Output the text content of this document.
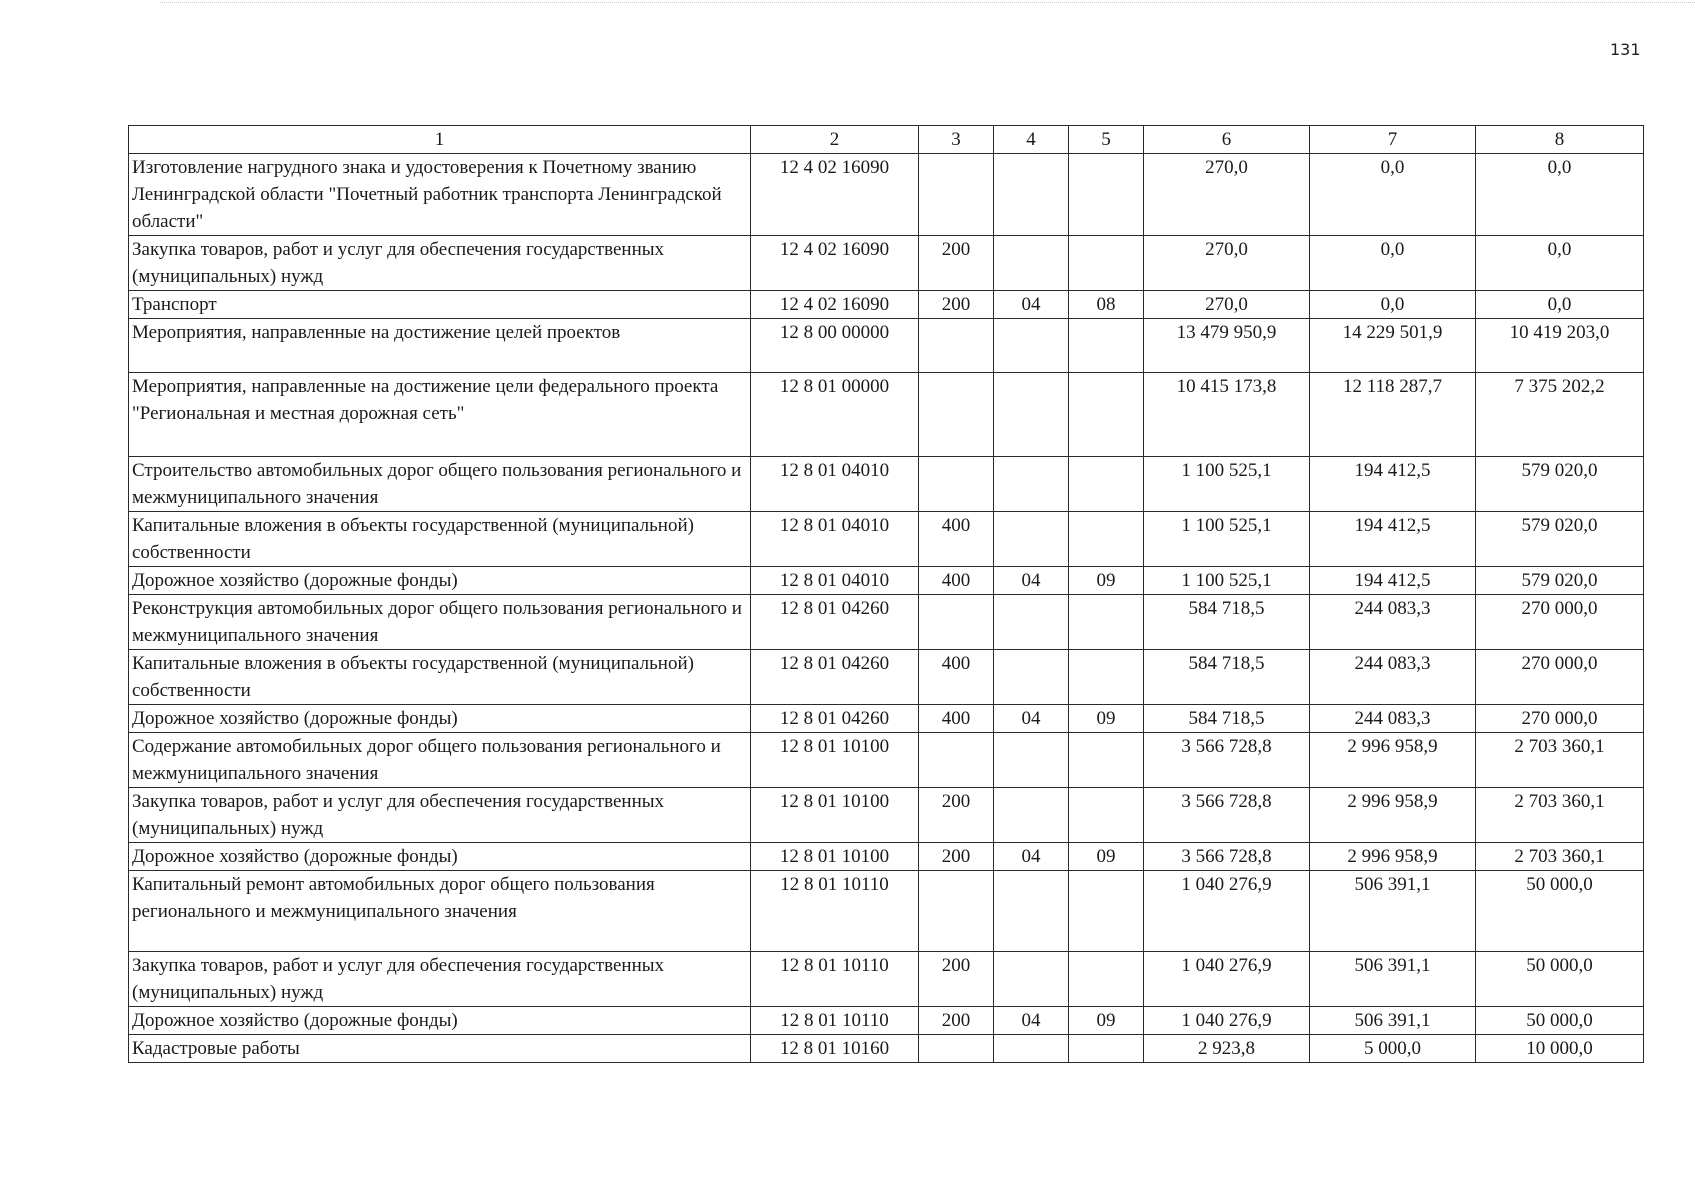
131
1	2	3	4	5	6	7	8
Изготовление нагрудного знака и удостоверения к Почетному званию Ленинградской области "Почетный работник транспорта Ленинградской области"	12 4 02 16090				270,0	0,0	0,0
Закупка товаров, работ и услуг для обеспечения государственных (муниципальных) нужд	12 4 02 16090	200			270,0	0,0	0,0
Транспорт	12 4 02 16090	200	04	08	270,0	0,0	0,0
Мероприятия, направленные на достижение целей проектов	12 8 00 00000				13 479 950,9	14 229 501,9	10 419 203,0
Мероприятия, направленные на достижение цели федерального проекта "Региональная и местная дорожная сеть"	12 8 01 00000				10 415 173,8	12 118 287,7	7 375 202,2
Строительство автомобильных дорог общего пользования регионального и межмуниципального значения	12 8 01 04010				1 100 525,1	194 412,5	579 020,0
Капитальные вложения в объекты государственной (муниципальной) собственности	12 8 01 04010	400			1 100 525,1	194 412,5	579 020,0
Дорожное хозяйство (дорожные фонды)	12 8 01 04010	400	04	09	1 100 525,1	194 412,5	579 020,0
Реконструкция автомобильных дорог общего пользования регионального и межмуниципального значения	12 8 01 04260				584 718,5	244 083,3	270 000,0
Капитальные вложения в объекты государственной (муниципальной) собственности	12 8 01 04260	400			584 718,5	244 083,3	270 000,0
Дорожное хозяйство (дорожные фонды)	12 8 01 04260	400	04	09	584 718,5	244 083,3	270 000,0
Содержание автомобильных дорог общего пользования регионального и межмуниципального значения	12 8 01 10100				3 566 728,8	2 996 958,9	2 703 360,1
Закупка товаров, работ и услуг для обеспечения государственных (муниципальных) нужд	12 8 01 10100	200			3 566 728,8	2 996 958,9	2 703 360,1
Дорожное хозяйство (дорожные фонды)	12 8 01 10100	200	04	09	3 566 728,8	2 996 958,9	2 703 360,1
Капитальный ремонт автомобильных дорог общего пользования регионального и межмуниципального значения	12 8 01 10110				1 040 276,9	506 391,1	50 000,0
Закупка товаров, работ и услуг для обеспечения государственных (муниципальных) нужд	12 8 01 10110	200			1 040 276,9	506 391,1	50 000,0
Дорожное хозяйство (дорожные фонды)	12 8 01 10110	200	04	09	1 040 276,9	506 391,1	50 000,0
Кадастровые работы	12 8 01 10160				2 923,8	5 000,0	10 000,0
